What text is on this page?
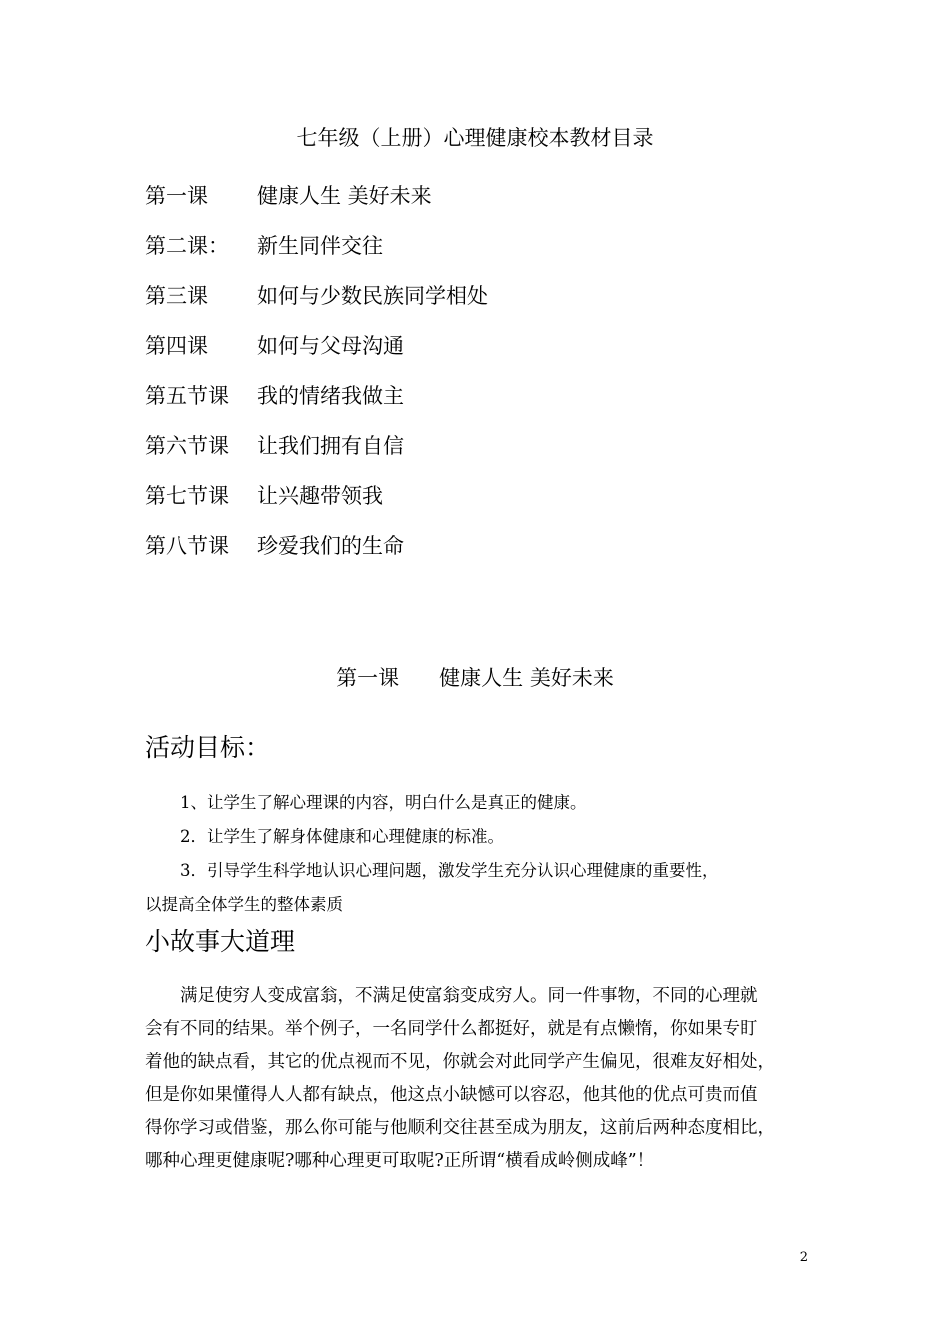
七年级（上册）心理健康校本教材目录
第一课	健康人生 美好未来
第二课：	新生同伴交往
第三课	如何与少数民族同学相处
第四课	如何与父母沟通
第五节课	我的情绪我做主
第六节课	让我们拥有自信
第七节课	让兴趣带领我
第八节课	珍爱我们的生命
第一课      健康人生 美好未来
活动目标：
1、让学生了解心理课的内容，明白什么是真正的健康。
2．让学生了解身体健康和心理健康的标准。
3．引导学生科学地认识心理问题，激发学生充分认识心理健康的重要性，
以提高全体学生的整体素质
小故事大道理
满足使穷人变成富翁，不满足使富翁变成穷人。同一件事物，不同的心理就
会有不同的结果。举个例子，一名同学什么都挺好，就是有点懒惰，你如果专盯
着他的缺点看，其它的优点视而不见，你就会对此同学产生偏见，很难友好相处，
但是你如果懂得人人都有缺点，他这点小缺憾可以容忍，他其他的优点可贵而值
得你学习或借鉴，那么你可能与他顺利交往甚至成为朋友，这前后两种态度相比，
哪种心理更健康呢?哪种心理更可取呢?正所谓“横看成岭侧成峰”！
2
